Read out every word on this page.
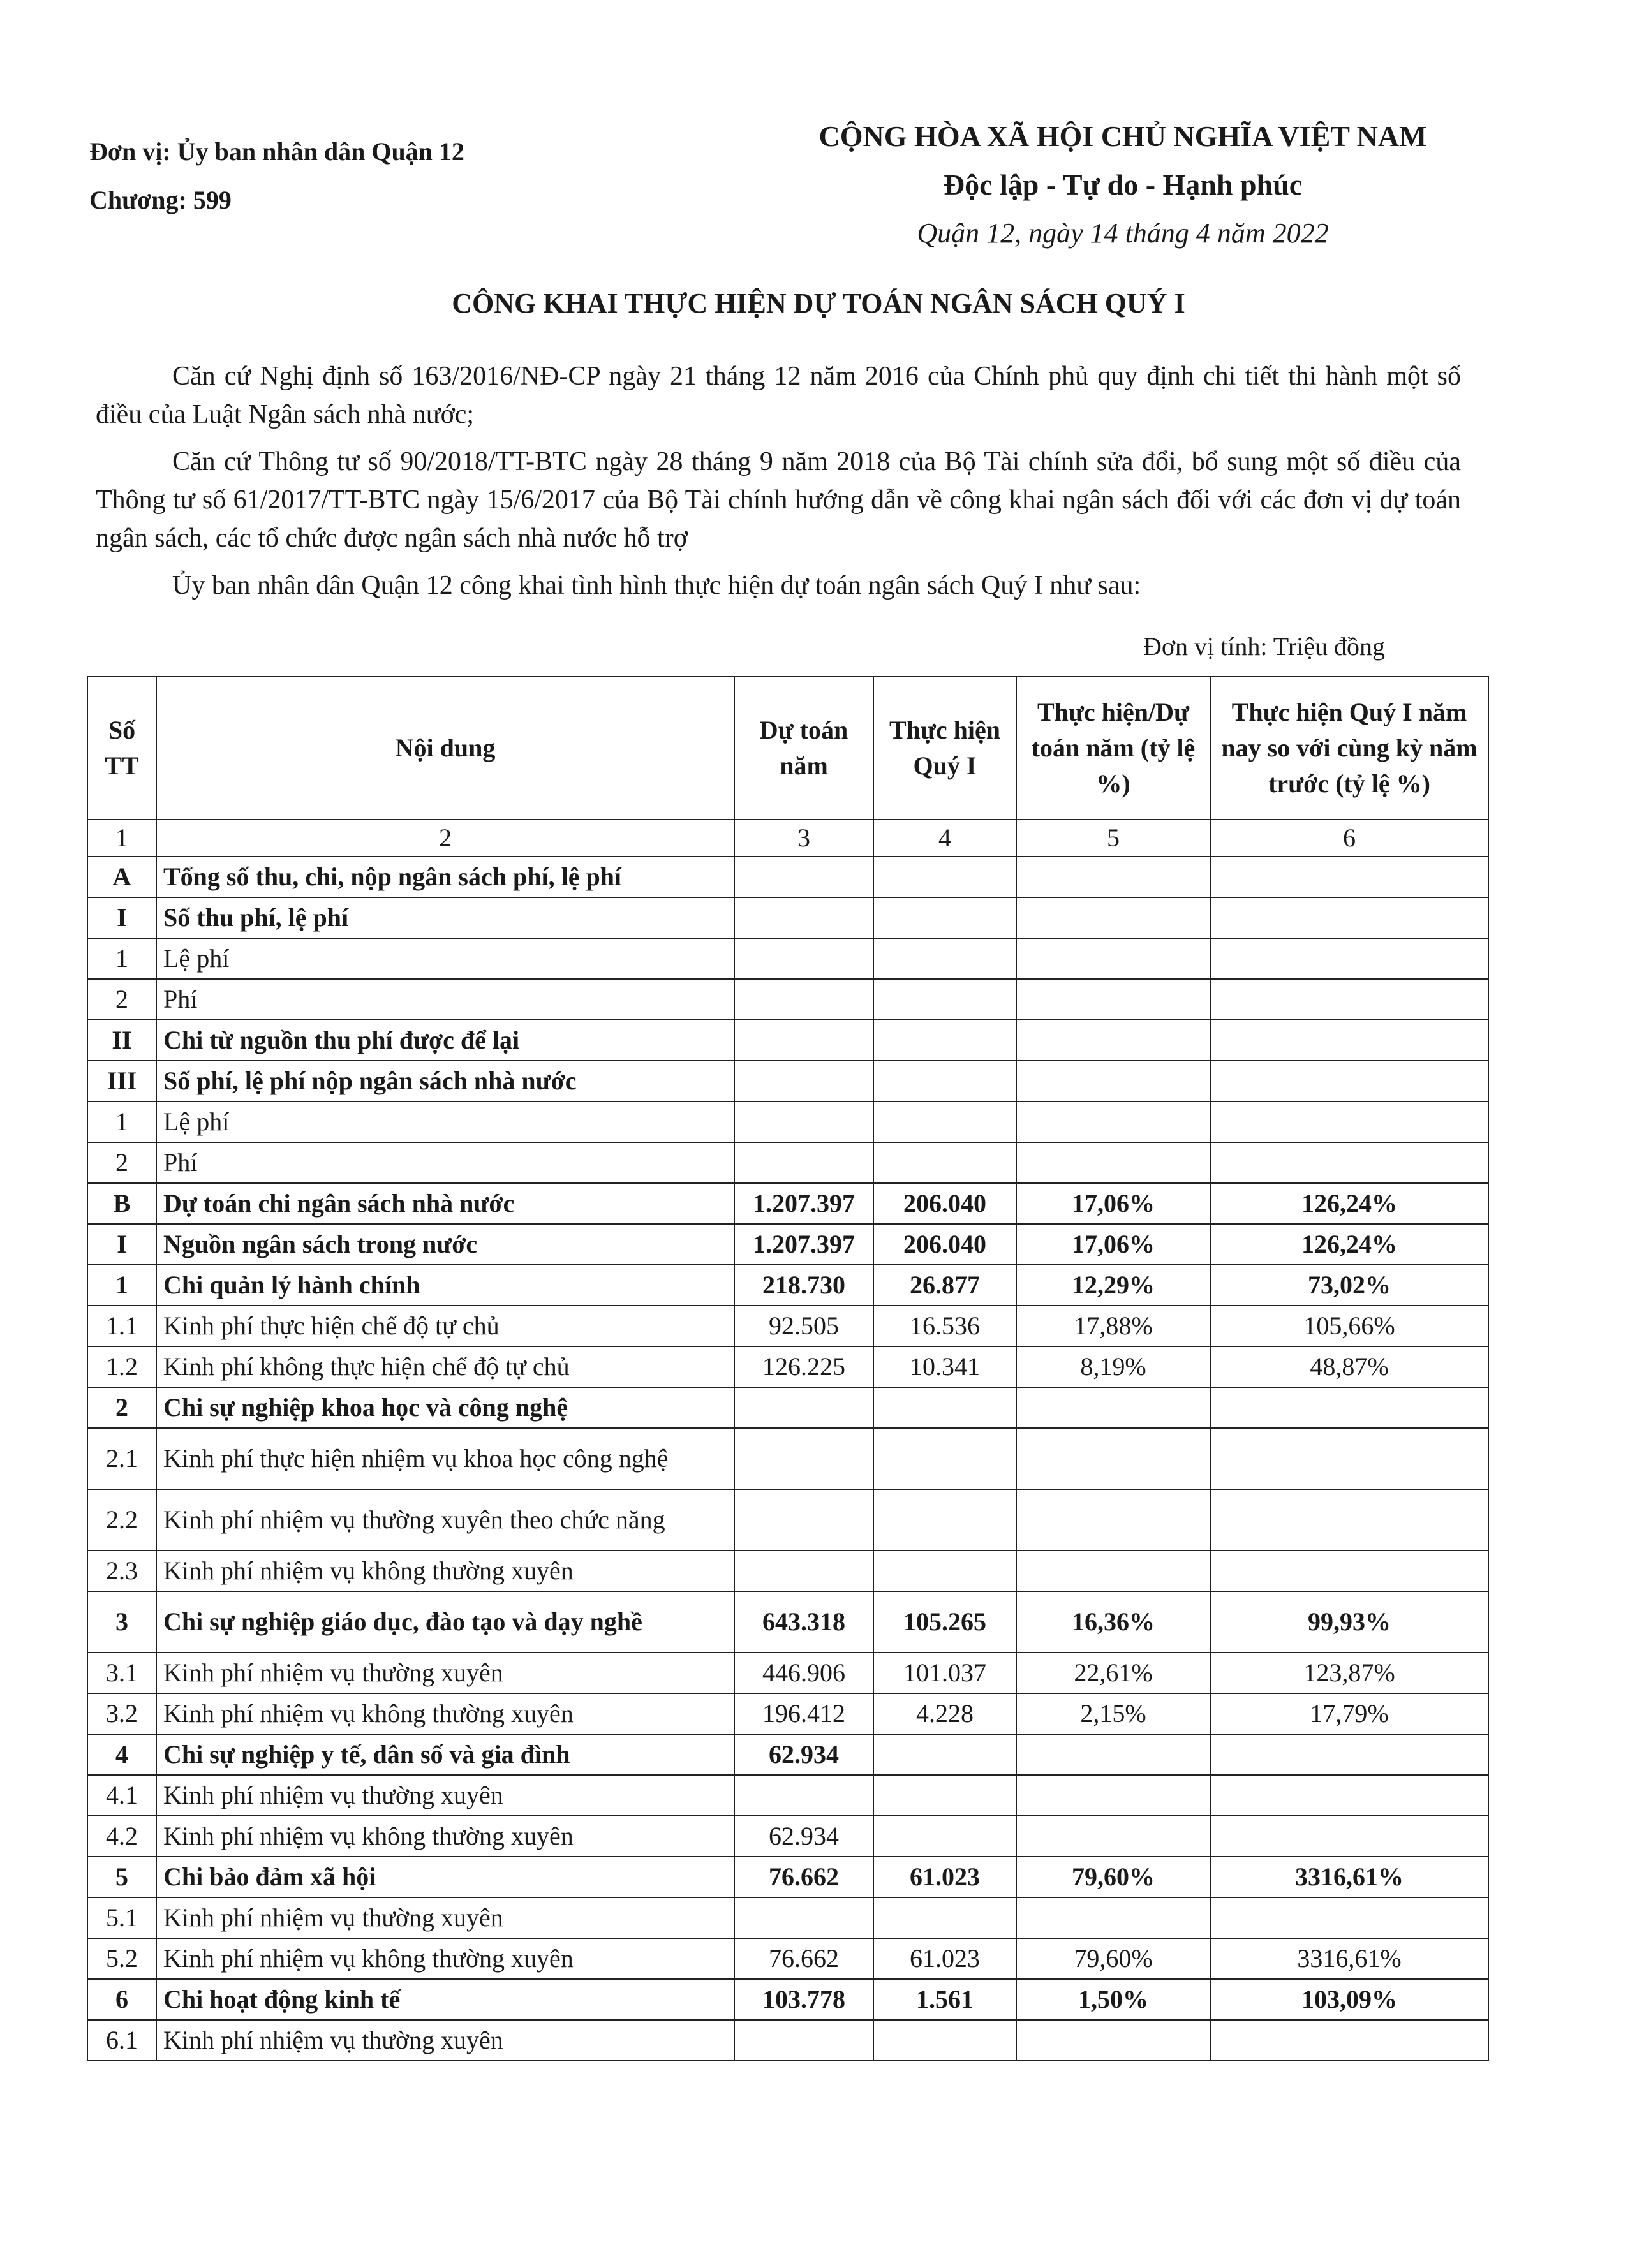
Đơn vị: Ủy ban nhân dân Quận 12
Chương: 599
CỘNG HÒA XÃ HỘI CHỦ NGHĨA VIỆT NAM
Độc lập - Tự do - Hạnh phúc
Quận 12, ngày 14 tháng 4 năm 2022
CÔNG KHAI THỰC HIỆN DỰ TOÁN NGÂN SÁCH QUÝ I

Căn cứ Nghị định số 163/2016/NĐ-CP ngày 21 tháng 12 năm 2016 của Chính phủ quy định chi tiết thi hành một số điều của Luật Ngân sách nhà nước;

Căn cứ Thông tư số 90/2018/TT-BTC ngày 28 tháng 9 năm 2018 của Bộ Tài chính sửa đổi, bổ sung một số điều của Thông tư số 61/2017/TT-BTC ngày 15/6/2017 của Bộ Tài chính hướng dẫn về công khai ngân sách đối với các đơn vị dự toán ngân sách, các tổ chức được ngân sách nhà nước hỗ trợ

Ủy ban nhân dân Quận 12 công khai tình hình thực hiện dự toán ngân sách Quý I như sau:

Đơn vị tính: Triệu đồng
Số TT	Nội dung	Dự toán năm	Thực hiện Quý I	Thực hiện/Dự toán năm (tỷ lệ %)	Thực hiện Quý I năm nay so với cùng kỳ năm trước (tỷ lệ %)
1	2	3	4	5	6
A	Tổng số thu, chi, nộp ngân sách phí, lệ phí				
I	Số thu phí, lệ phí				
1	Lệ phí				
2	Phí				
II	Chi từ nguồn thu phí được để lại				
III	Số phí, lệ phí nộp ngân sách nhà nước				
1	Lệ phí				
2	Phí				
B	Dự toán chi ngân sách nhà nước	1.207.397	206.040	17,06%	126,24%
I	Nguồn ngân sách trong nước	1.207.397	206.040	17,06%	126,24%
1	Chi quản lý hành chính	218.730	26.877	12,29%	73,02%
1.1	Kinh phí thực hiện chế độ tự chủ	92.505	16.536	17,88%	105,66%
1.2	Kinh phí không thực hiện chế độ tự chủ	126.225	10.341	8,19%	48,87%
2	Chi sự nghiệp khoa học và công nghệ				
2.1	Kinh phí thực hiện nhiệm vụ khoa học công nghệ				
2.2	Kinh phí nhiệm vụ thường xuyên theo chức năng				
2.3	Kinh phí nhiệm vụ không thường xuyên				
3	Chi sự nghiệp giáo dục, đào tạo và dạy nghề	643.318	105.265	16,36%	99,93%
3.1	Kinh phí nhiệm vụ thường xuyên	446.906	101.037	22,61%	123,87%
3.2	Kinh phí nhiệm vụ không thường xuyên	196.412	4.228	2,15%	17,79%
4	Chi sự nghiệp y tế, dân số và gia đình	62.934			
4.1	Kinh phí nhiệm vụ thường xuyên				
4.2	Kinh phí nhiệm vụ không thường xuyên	62.934			
5	Chi bảo đảm xã hội	76.662	61.023	79,60%	3316,61%
5.1	Kinh phí nhiệm vụ thường xuyên				
5.2	Kinh phí nhiệm vụ không thường xuyên	76.662	61.023	79,60%	3316,61%
6	Chi hoạt động kinh tế	103.778	1.561	1,50%	103,09%
6.1	Kinh phí nhiệm vụ thường xuyên				
